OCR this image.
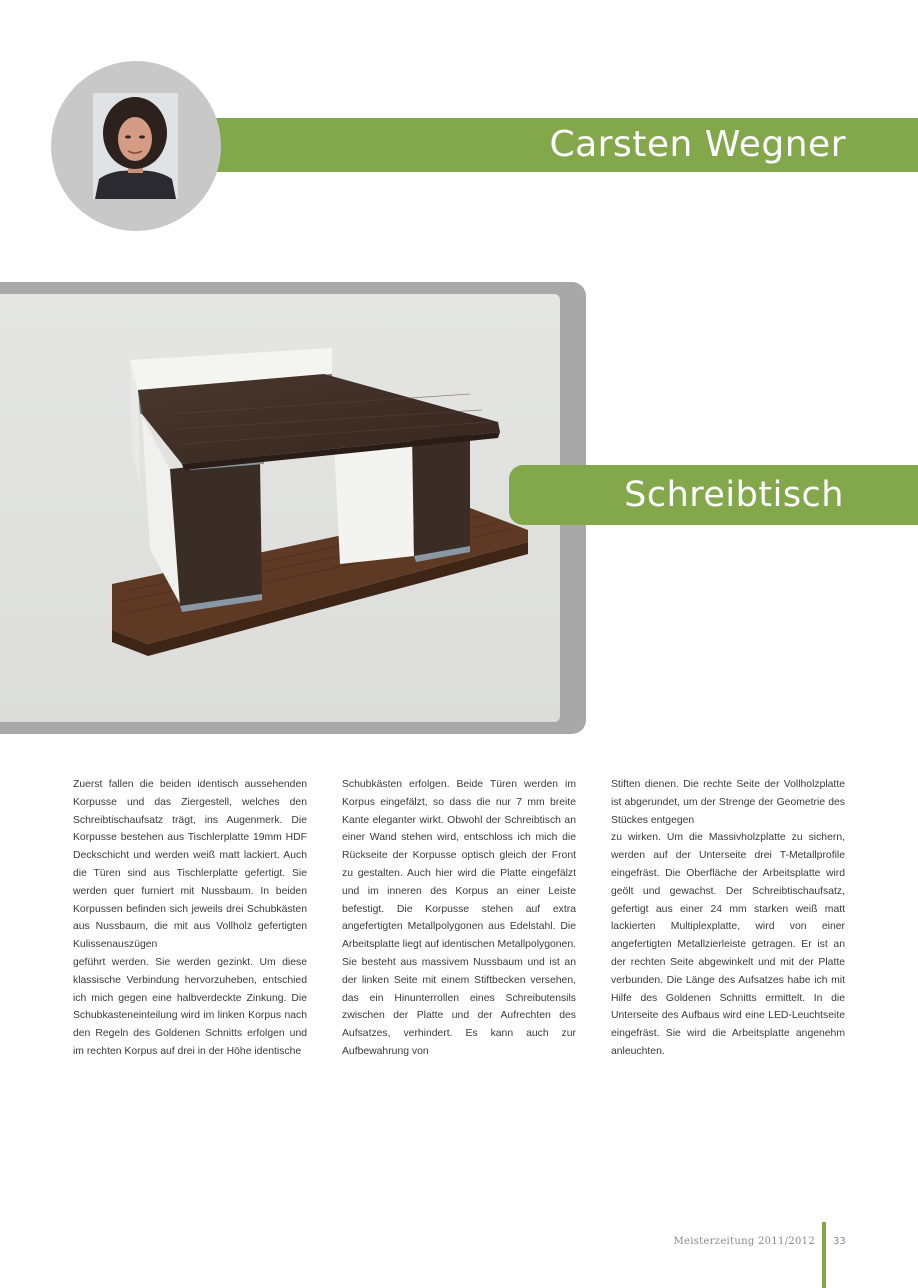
Carsten Wegner
Schreibtisch

Zuerst fallen die beiden identisch aussehenden Korpusse und das Ziergestell, welches den Schreibtischaufsatz trägt, ins Augenmerk. Die Korpusse bestehen aus Tischlerplatte 19mm HDF Deckschicht und werden weiß matt lackiert. Auch die Türen sind aus Tischlerplatte gefertigt. Sie werden quer furniert mit Nussbaum. In beiden Korpussen befinden sich jeweils drei Schubkästen aus Nussbaum, die mit aus Vollholz gefertigten Kulissenauszügen

geführt werden. Sie werden gezinkt. Um diese klassische Verbindung hervorzuheben, entschied ich mich gegen eine halbverdeckte Zinkung. Die Schubkasteneinteilung wird im linken Korpus nach den Regeln des Goldenen Schnitts erfolgen und im rechten Korpus auf drei in der Höhe identische

Schubkästen erfolgen. Beide Türen werden im Korpus eingefälzt, so dass die nur 7 mm breite Kante eleganter wirkt. Obwohl der Schreibtisch an einer Wand stehen wird, entschloss ich mich die Rückseite der Korpusse optisch gleich der Front zu gestalten. Auch hier wird die Platte eingefälzt und im inneren des Korpus an einer Leiste befestigt. Die Korpusse stehen auf extra angefertigten Metallpolygonen aus Edelstahl. Die Arbeitsplatte liegt auf identischen Metallpolygonen. Sie besteht aus massivem Nussbaum und ist an der linken Seite mit einem Stiftbecken versehen, das ein Hinunterrollen eines Schreibutensils zwischen der Platte und der Aufrechten des Aufsatzes, verhindert. Es kann auch zur Aufbewahrung von

Stiften dienen. Die rechte Seite der Vollholzplatte ist abgerundet, um der Strenge der Geometrie des Stückes entgegen

zu wirken. Um die Massivholzplatte zu sichern, werden auf der Unterseite drei T-Metallprofile eingefräst. Die Oberfläche der Arbeitsplatte wird geölt und gewachst. Der Schreibtischaufsatz, gefertigt aus einer 24 mm starken weiß matt lackierten Multiplexplatte, wird von einer angefertigten Metallzierleiste getragen. Er ist an der rechten Seite abgewinkelt und mit der Platte verbunden. Die Länge des Aufsatzes habe ich mit Hilfe des Goldenen Schnitts ermittelt. In die Unterseite des Aufbaus wird eine LED-Leuchtseite eingefräst. Sie wird die Arbeitsplatte angenehm anleuchten.

Meisterzeitung 2011/2012 33
